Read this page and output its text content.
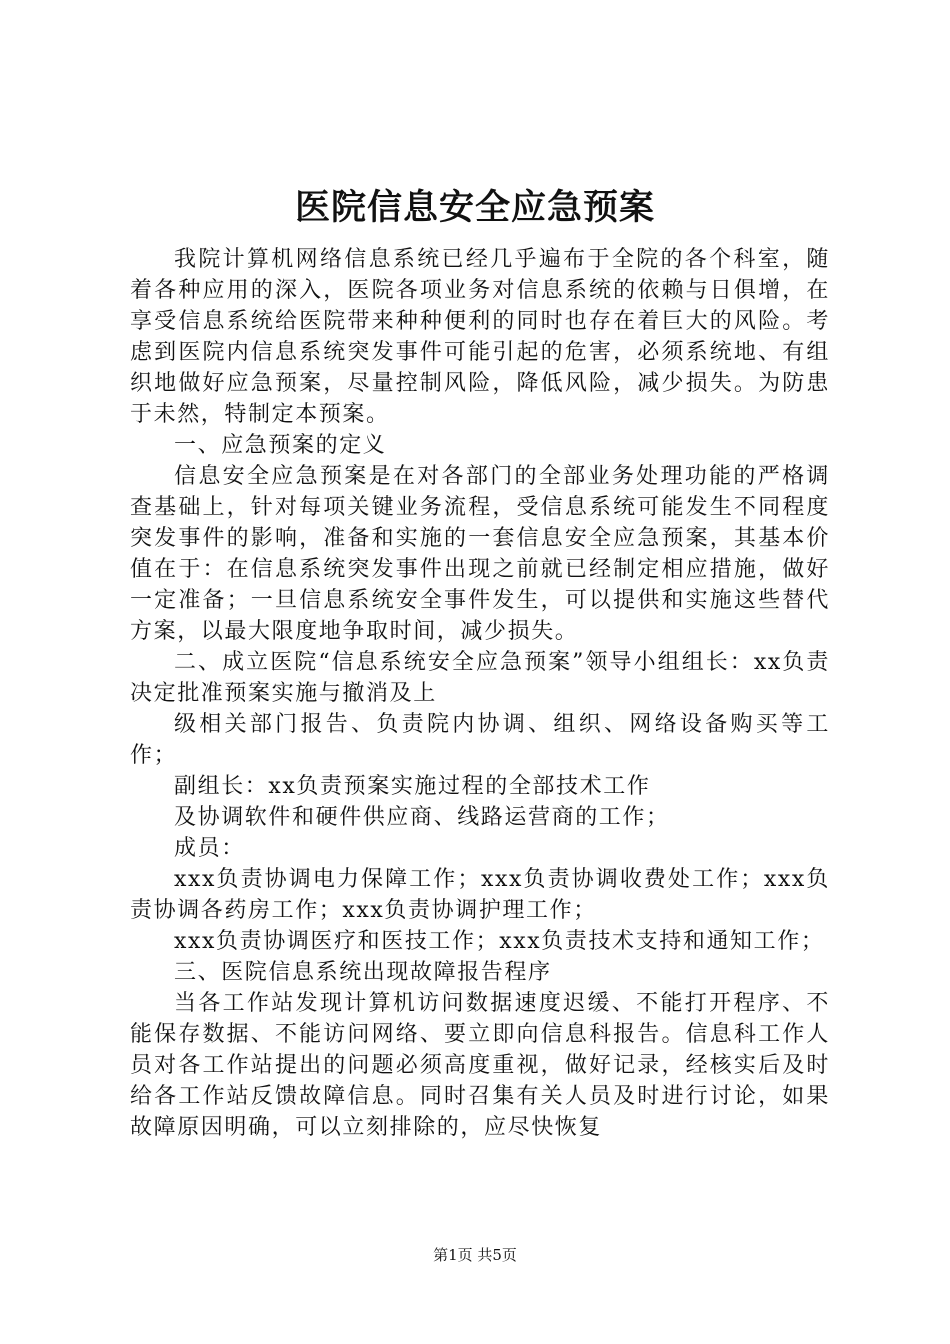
医院信息安全应急预案

我院计算机网络信息系统已经几乎遍布于全院的各个科室，随着各种应用的深入，医院各项业务对信息系统的依赖与日俱增，在享受信息系统给医院带来种种便利的同时也存在着巨大的风险。考虑到医院内信息系统突发事件可能引起的危害，必须系统地、有组织地做好应急预案，尽量控制风险，降低风险，减少损失。为防患于未然，特制定本预案。

一、应急预案的定义

信息安全应急预案是在对各部门的全部业务处理功能的严格调查基础上，针对每项关键业务流程，受信息系统可能发生不同程度突发事件的影响，准备和实施的一套信息安全应急预案，其基本价值在于：在信息系统突发事件出现之前就已经制定相应措施，做好一定准备；一旦信息系统安全事件发生，可以提供和实施这些替代方案，以最大限度地争取时间，减少损失。

二、成立医院“信息系统安全应急预案”领导小组组长：xx负责决定批准预案实施与撤消及上

级相关部门报告、负责院内协调、组织、网络设备购买等工作；

副组长：xx负责预案实施过程的全部技术工作

及协调软件和硬件供应商、线路运营商的工作；

成员：

xxx负责协调电力保障工作；xxx负责协调收费处工作；xxx负责协调各药房工作；xxx负责协调护理工作；

xxx负责协调医疗和医技工作；xxx负责技术支持和通知工作；

三、医院信息系统出现故障报告程序

当各工作站发现计算机访问数据速度迟缓、不能打开程序、不能保存数据、不能访问网络、要立即向信息科报告。信息科工作人员对各工作站提出的问题必须高度重视，做好记录，经核实后及时给各工作站反馈故障信息。同时召集有关人员及时进行讨论，如果故障原因明确，可以立刻排除的，应尽快恢复

第1页 共5页
